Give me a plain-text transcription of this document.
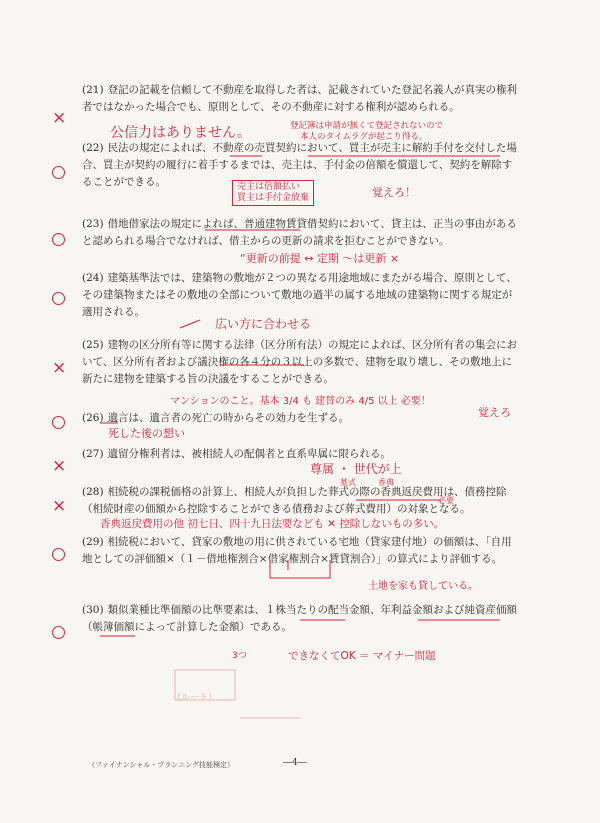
(21) 登記の記載を信頼して不動産を取得した者は、記載されていた登記名義人が真実の権利者ではなかった場合でも、原則として、その不動産に対する権利が認められる。
×
公信力はありません。	登記簿は申請が無くて登記されないので
本人のタイムラグが起こり得る。
(22) 民法の規定によれば、不動産の売買契約において、買主が売主に解約手付を交付した場合、買主が契約の履行に着手するまでは、売主は、手付金の倍額を償還して、契約を解除することができる。	売主は倍額払い
買主は手付金放棄	覚えろ！
(23) 借地借家法の規定によれば、普通建物賃貸借契約において、貸主は、正当の事由があると認められる場合でなければ、借主からの更新の請求を拒むことができない。
“更新の前提 ↔ 定期 〜は更新 ×
(24) 建築基準法では、建築物の敷地が２つの異なる用途地域にまたがる場合、原則として、その建築物またはその敷地の全部について敷地の過半の属する地域の建築物に関する規定が適用される。
広い方に合わせる
(25) 建物の区分所有等に関する法律（区分所有法）の規定によれば、区分所有者の集会において、区分所有者および議決権の各４分の３以上の多数で、建物を取り壊し、その敷地上に新たに建物を建築する旨の決議をすることができる。
×
マンションのこと。基本 3/4 も 建替のみ 4/5 以上 必要！
覚えろ
(26) 遺言は、遺言者の死亡の時からその効力を生ずる。
死した後の想い
(27) 遺留分権利者は、被相続人の配偶者と直系卑属に限られる。
×	尊属 ・ 世代が上
(28) 相続税の課税価格の計算上、相続人が負担した葬式の際の香典返戻費用は、債務控除（相続財産の価額から控除することができる債務および葬式費用）の対象となる。
×
墓式	香典
必要
香典返戻費用の他 初七日、四十九日法要なども ✕ 控除しないもの多い。
(29) 相続税において、貸家の敷地の用に供されている宅地（貸家建付地）の価額は、「自用地としての評価額×（１－借地権割合×借家権割合×賃貸割合）」の算式により評価する。
土地を家も貸している。
(30) 類似業種比準価額の比準要素は、１株当たりの配当金額、年利益金額および純資産価額（帳簿価額によって計算した金額）である。
3つ	できなくてOK ＝ マイナー問題
（ルート）
（ファイナンシャル・プランニング技能検定）	―4―
